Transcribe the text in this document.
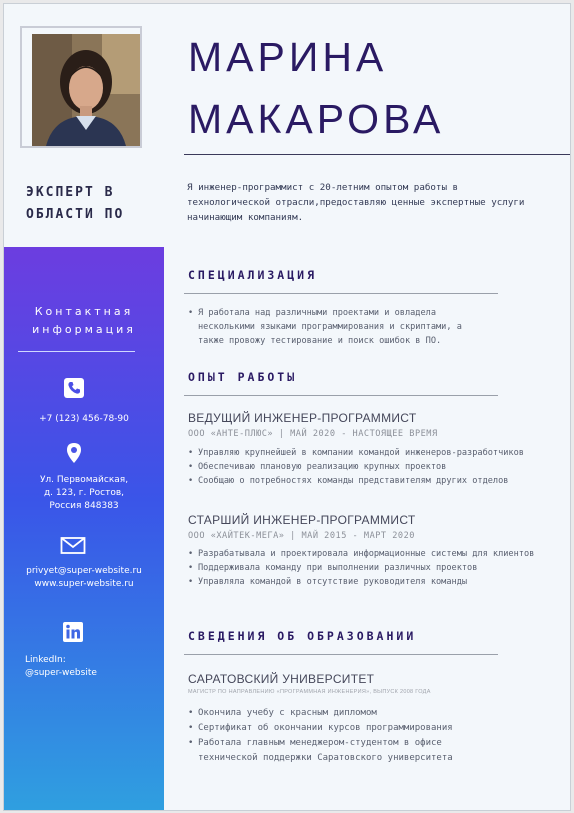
ЭКСПЕРТ В
ОБЛАСТИ ПО
Контактная
информация
+7 (123) 456-78-90
Ул. Первомайская,
д. 123, г. Ростов,
Россия 848383
privyet@super-website.ru
www.super-website.ru
LinkedIn:
@super-website
МАРИНА
МАКАРОВА
Я инженер-программист с 20-летним опытом работы в технологической отрасли,предоставляю ценные экспертные услуги начинающим компаниям.
СПЕЦИАЛИЗАЦИЯ
• Я работала над различными проектами и овладела
несколькими языками программирования и скриптами, а
также провожу тестирование и поиск ошибок в ПО.
ОПЫТ РАБОТЫ
ВЕДУЩИЙ ИНЖЕНЕР-ПРОГРАММИСТ
ООО «АНТЕ-ПЛЮС» | МАЙ 2020 - НАСТОЯЩЕЕ ВРЕМЯ
• Управляю крупнейшей в компании командой инженеров-разработчиков
• Обеспечиваю плановую реализацию крупных проектов
• Сообщаю о потребностях команды представителям других отделов
СТАРШИЙ ИНЖЕНЕР-ПРОГРАММИСТ
ООО «ХАЙТЕК-МЕГА» | МАЙ 2015 - МАРТ 2020
• Разрабатывала и проектировала информационные системы для клиентов
• Поддерживала команду при выполнении различных проектов
• Управляла командой в отсутствие руководителя команды
СВЕДЕНИЯ ОБ ОБРАЗОВАНИИ
САРАТОВСКИЙ УНИВЕРСИТЕТ
МАГИСТР ПО НАПРАВЛЕНИЮ «ПРОГРАММНАЯ ИНЖЕНЕРИЯ», ВЫПУСК 2008 ГОДА
• Окончила учебу с красным дипломом
• Сертификат об окончании курсов программирования
• Работала главным менеджером-студентом в офисе
технической поддержки Саратовского университета
